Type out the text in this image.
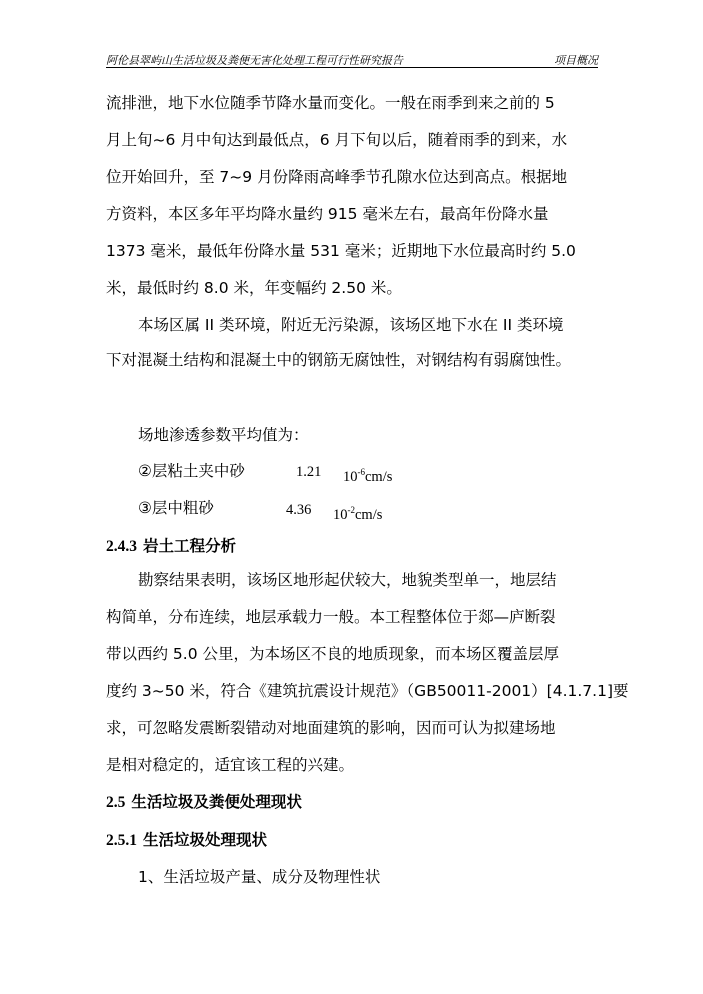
阿伦县翠屿山生活垃圾及粪便无害化处理工程可行性研究报告	项目概况
流排泄，地下水位随季节降水量而变化。一般在雨季到来之前的 5
月上旬~6 月中旬达到最低点，6 月下旬以后，随着雨季的到来，水
位开始回升，至 7~9 月份降雨高峰季节孔隙水位达到高点。根据地
方资料，本区多年平均降水量约 915 毫米左右，最高年份降水量
1373 毫米，最低年份降水量 531 毫米；近期地下水位最高时约 5.0
米，最低时约 8.0 米，年变幅约 2.50 米。
本场区属 II 类环境，附近无污染源，该场区地下水在 II 类环境
下对混凝土结构和混凝土中的钢筋无腐蚀性，对钢结构有弱腐蚀性。
场地渗透参数平均值为：
②层粘土夹中砂	1.21 $10^{-6}cm/s$
③层中粗砂	4.36 $10^{-2}cm/s$
2.4.3 岩土工程分析
勘察结果表明，该场区地形起伏较大，地貌类型单一，地层结
构简单，分布连续，地层承载力一般。本工程整体位于郯—庐断裂
带以西约 5.0 公里，为本场区不良的地质现象，而本场区覆盖层厚
度约 3~50 米，符合《建筑抗震设计规范》（GB50011-2001）[4.1.7.1]要
求，可忽略发震断裂错动对地面建筑的影响，因而可认为拟建场地
是相对稳定的，适宜该工程的兴建。
2.5 生活垃圾及粪便处理现状
2.5.1 生活垃圾处理现状
1、生活垃圾产量、成分及物理性状
